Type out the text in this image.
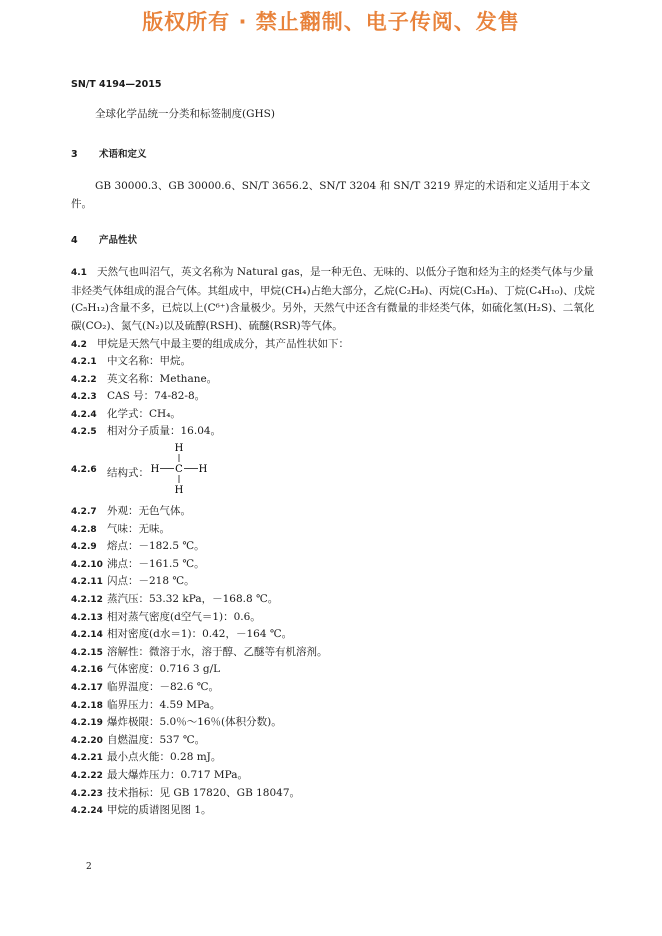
版权所有 · 禁止翻制、电子传阅、发售
SN/T 4194—2015
全球化学品统一分类和标签制度(GHS)
3 术语和定义
GB 30000.3、GB 30000.6、SN/T 3656.2、SN/T 3204 和 SN/T 3219 界定的术语和定义适用于本文件。
4 产品性状
4.1 天然气也叫沼气，英文名称为 Natural gas，是一种无色、无味的、以低分子饱和烃为主的烃类气体与少量非烃类气体组成的混合气体。其组成中，甲烷(CH₄)占绝大部分，乙烷(C₂H₆)、丙烷(C₃H₈)、丁烷(C₄H₁₀)、戊烷(C₅H₁₂)含量不多，已烷以上(C⁶⁺)含量极少。另外，天然气中还含有微量的非烃类气体，如硫化氢(H₂S)、二氧化碳(CO₂)、氮气(N₂)以及硫醇(RSH)、硫醚(RSR)等气体。
4.2 甲烷是天然气中最主要的组成成分，其产品性状如下：
4.2.1 中文名称：甲烷。
4.2.2 英文名称：Methane。
4.2.3 CAS 号：74-82-8。
4.2.4 化学式：CH₄。
4.2.5 相对分子质量：16.04。
4.2.6 结构式：
H
H C H
H
4.2.7 外观：无色气体。
4.2.8 气味：无味。
4.2.9 熔点：－182.5 ℃。
4.2.10 沸点：－161.5 ℃。
4.2.11 闪点：－218 ℃。
4.2.12 蒸汽压：53.32 kPa，－168.8 ℃。
4.2.13 相对蒸气密度(d空气＝1)：0.6。
4.2.14 相对密度(d水＝1)：0.42，－164 ℃。
4.2.15 溶解性：微溶于水，溶于醇、乙醚等有机溶剂。
4.2.16 气体密度：0.716 3 g/L
4.2.17 临界温度：－82.6 ℃。
4.2.18 临界压力：4.59 MPa。
4.2.19 爆炸极限：5.0％～16％(体积分数)。
4.2.20 自燃温度：537 ℃。
4.2.21 最小点火能：0.28 mJ。
4.2.22 最大爆炸压力：0.717 MPa。
4.2.23 技术指标：见 GB 17820、GB 18047。
4.2.24 甲烷的质谱图见图 1。
2
